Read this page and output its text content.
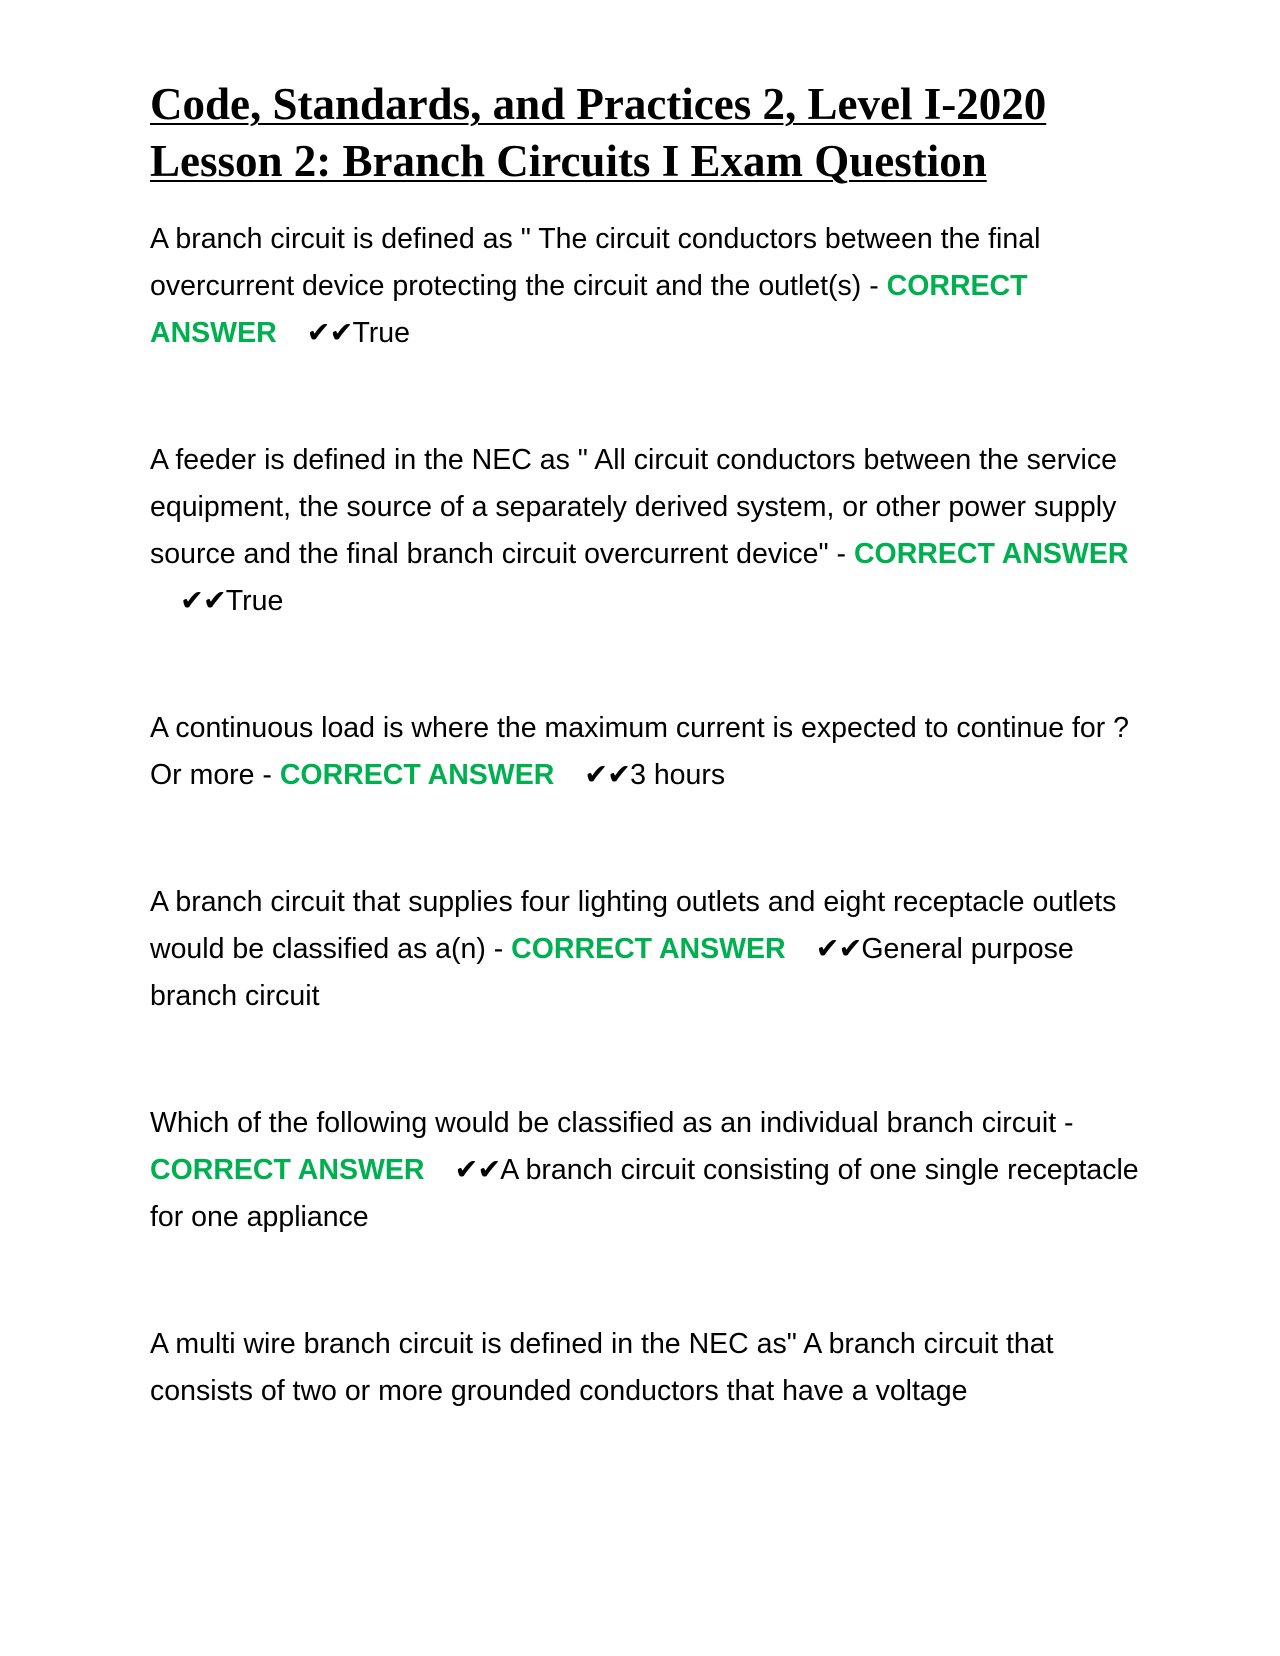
Code, Standards, and Practices 2, Level I-2020 Lesson 2: Branch Circuits I Exam Question
A branch circuit is defined as " The circuit conductors between the final overcurrent device protecting the circuit and the outlet(s) - CORRECT ANSWER ✔✔True
A feeder is defined in the NEC as " All circuit conductors between the service equipment, the source of a separately derived system, or other power supply source and the final branch circuit overcurrent device" - CORRECT ANSWER✔✔True
A continuous load is where the maximum current is expected to continue for ? Or more - CORRECT ANSWER ✔✔3 hours
A branch circuit that supplies four lighting outlets and eight receptacle outlets would be classified as a(n) - CORRECT ANSWER ✔✔General purpose branch circuit
Which of the following would be classified as an individual branch circuit - CORRECT ANSWER ✔✔A branch circuit consisting of one single receptacle for one appliance
A multi wire branch circuit is defined in the NEC as" A branch circuit that consists of two or more grounded conductors that have a voltage
